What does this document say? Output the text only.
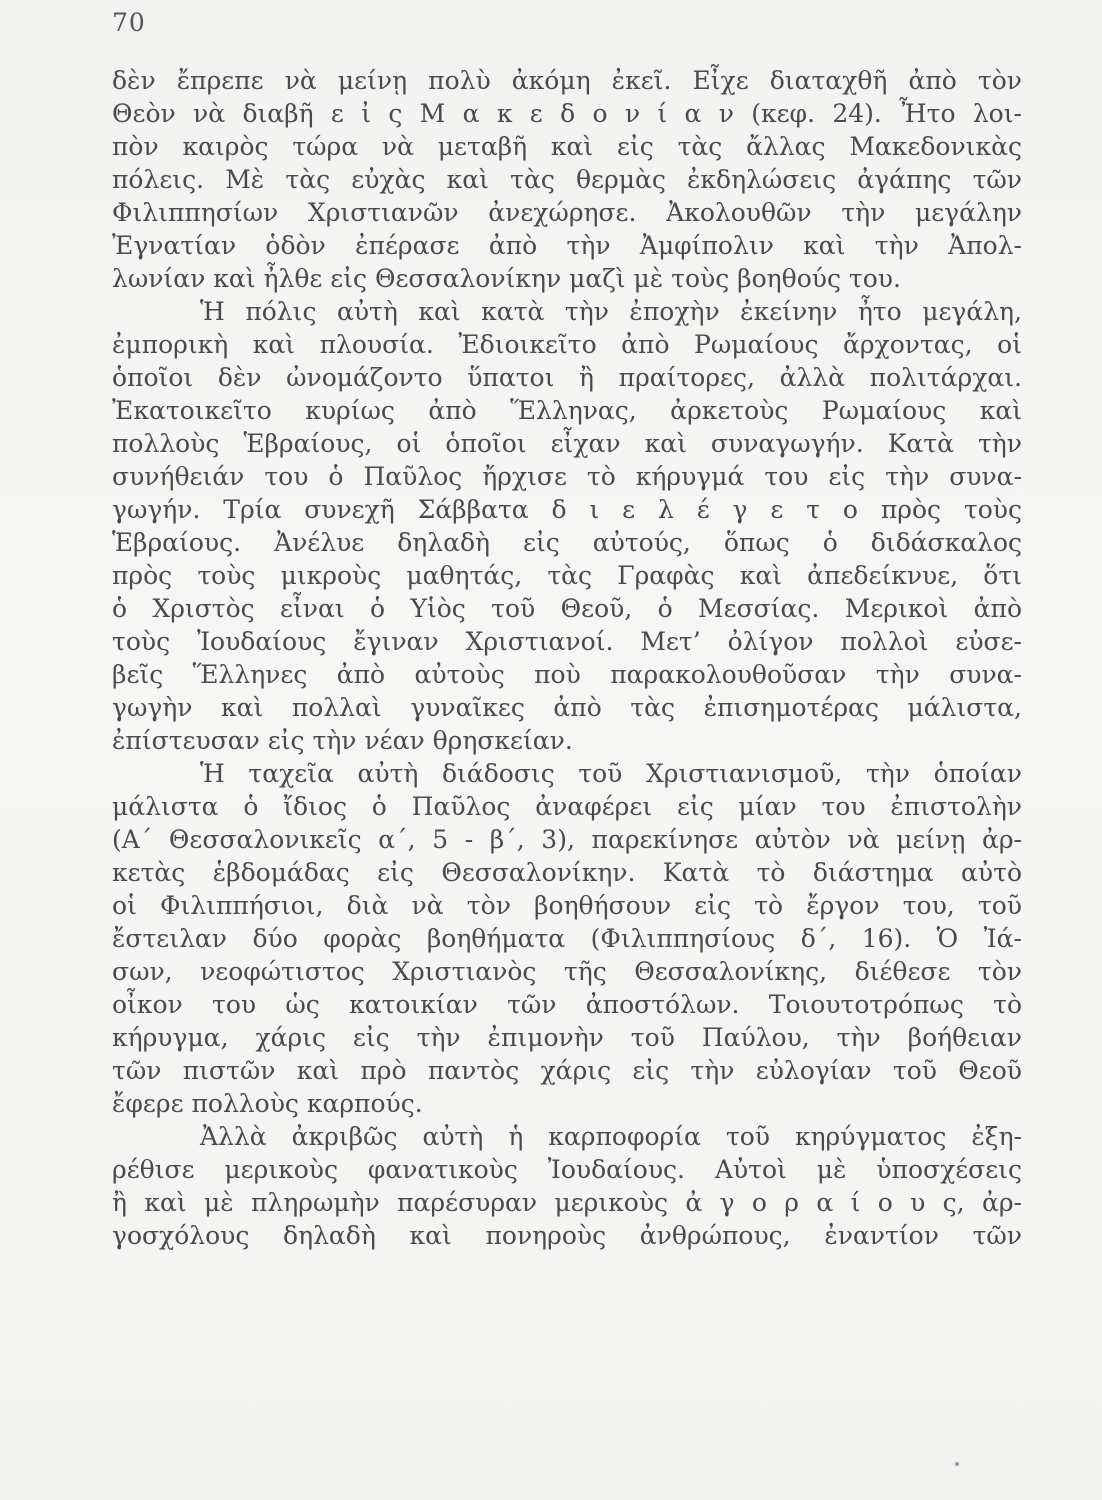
70
δὲν ἔπρεπε νὰ μείνῃ πολὺ ἀκόμη ἐκεῖ. Εἶχε διαταχθῆ ἀπὸ τὸν
Θεὸν νὰ διαβῆ ε ἰ ς Μ α κ ε δ ο ν ί α ν (κεφ. 24). Ἦτο λοι-
πὸν καιρὸς τώρα νὰ μεταβῆ καὶ εἰς τὰς ἄλλας Μακεδονικὰς
πόλεις. Μὲ τὰς εὐχὰς καὶ τὰς θερμὰς ἐκδηλώσεις ἀγάπης τῶν
Φιλιππησίων Χριστιανῶν ἀνεχώρησε. Ἀκολουθῶν τὴν μεγάλην
Ἐγνατίαν ὁδὸν ἐπέρασε ἀπὸ τὴν Ἀμφίπολιν καὶ τὴν Ἀπολ-
λωνίαν καὶ ἦλθε εἰς Θεσσαλονίκην μαζὶ μὲ τοὺς βοηθούς του.
Ἡ πόλις αὐτὴ καὶ κατὰ τὴν ἐποχὴν ἐκείνην ἦτο μεγάλη,
ἐμπορικὴ καὶ πλουσία. Ἐδιοικεῖτο ἀπὸ Ρωμαίους ἄρχοντας, οἱ
ὁποῖοι δὲν ὠνομάζοντο ὕπατοι ἢ πραίτορες, ἀλλὰ πολιτάρχαι.
Ἐκατοικεῖτο κυρίως ἀπὸ Ἕλληνας, ἀρκετοὺς Ρωμαίους καὶ
πολλοὺς Ἑβραίους, οἱ ὁποῖοι εἶχαν καὶ συναγωγήν. Κατὰ τὴν
συνήθειάν του ὁ Παῦλος ἤρχισε τὸ κήρυγμά του εἰς τὴν συνα-
γωγήν. Τρία συνεχῆ Σάββατα δ ι ε λ έ γ ε τ ο πρὸς τοὺς
Ἑβραίους. Ἀνέλυε δηλαδὴ εἰς αὐτούς, ὅπως ὁ διδάσκαλος
πρὸς τοὺς μικροὺς μαθητάς, τὰς Γραφὰς καὶ ἀπεδείκνυε, ὅτι
ὁ Χριστὸς εἶναι ὁ Υἱὸς τοῦ Θεοῦ, ὁ Μεσσίας. Μερικοὶ ἀπὸ
τοὺς Ἰουδαίους ἔγιναν Χριστιανοί. Μετ’ ὀλίγον πολλοὶ εὐσε-
βεῖς Ἕλληνες ἀπὸ αὐτοὺς ποὺ παρακολουθοῦσαν τὴν συνα-
γωγὴν καὶ πολλαὶ γυναῖκες ἀπὸ τὰς ἐπισημοτέρας μάλιστα,
ἐπίστευσαν εἰς τὴν νέαν θρησκείαν.
Ἡ ταχεῖα αὐτὴ διάδοσις τοῦ Χριστιανισμοῦ, τὴν ὁποίαν
μάλιστα ὁ ἴδιος ὁ Παῦλος ἀναφέρει εἰς μίαν του ἐπιστολὴν
(Α´ Θεσσαλονικεῖς α´, 5 - β´, 3), παρεκίνησε αὐτὸν νὰ μείνῃ ἀρ-
κετὰς ἑβδομάδας εἰς Θεσσαλονίκην. Κατὰ τὸ διάστημα αὐτὸ
οἱ Φιλιππήσιοι, διὰ νὰ τὸν βοηθήσουν εἰς τὸ ἔργον του, τοῦ
ἔστειλαν δύο φορὰς βοηθήματα (Φιλιππησίους δ´, 16). Ὁ Ἰά-
σων, νεοφώτιστος Χριστιανὸς τῆς Θεσσαλονίκης, διέθεσε τὸν
οἶκον του ὡς κατοικίαν τῶν ἀποστόλων. Τοιουτοτρόπως τὸ
κήρυγμα, χάρις εἰς τὴν ἐπιμονὴν τοῦ Παύλου, τὴν βοήθειαν
τῶν πιστῶν καὶ πρὸ παντὸς χάρις εἰς τὴν εὐλογίαν τοῦ Θεοῦ
ἔφερε πολλοὺς καρπούς.
Ἀλλὰ ἀκριβῶς αὐτὴ ἡ καρποφορία τοῦ κηρύγματος ἐξη-
ρέθισε μερικοὺς φανατικοὺς Ἰουδαίους. Αὐτοὶ μὲ ὑποσχέσεις
ἢ καὶ μὲ πληρωμὴν παρέσυραν μερικοὺς ἀ γ ο ρ α ί ο υ ς, ἀρ-
γοσχόλους δηλαδὴ καὶ πονηροὺς ἀνθρώπους, ἐναντίον τῶν
